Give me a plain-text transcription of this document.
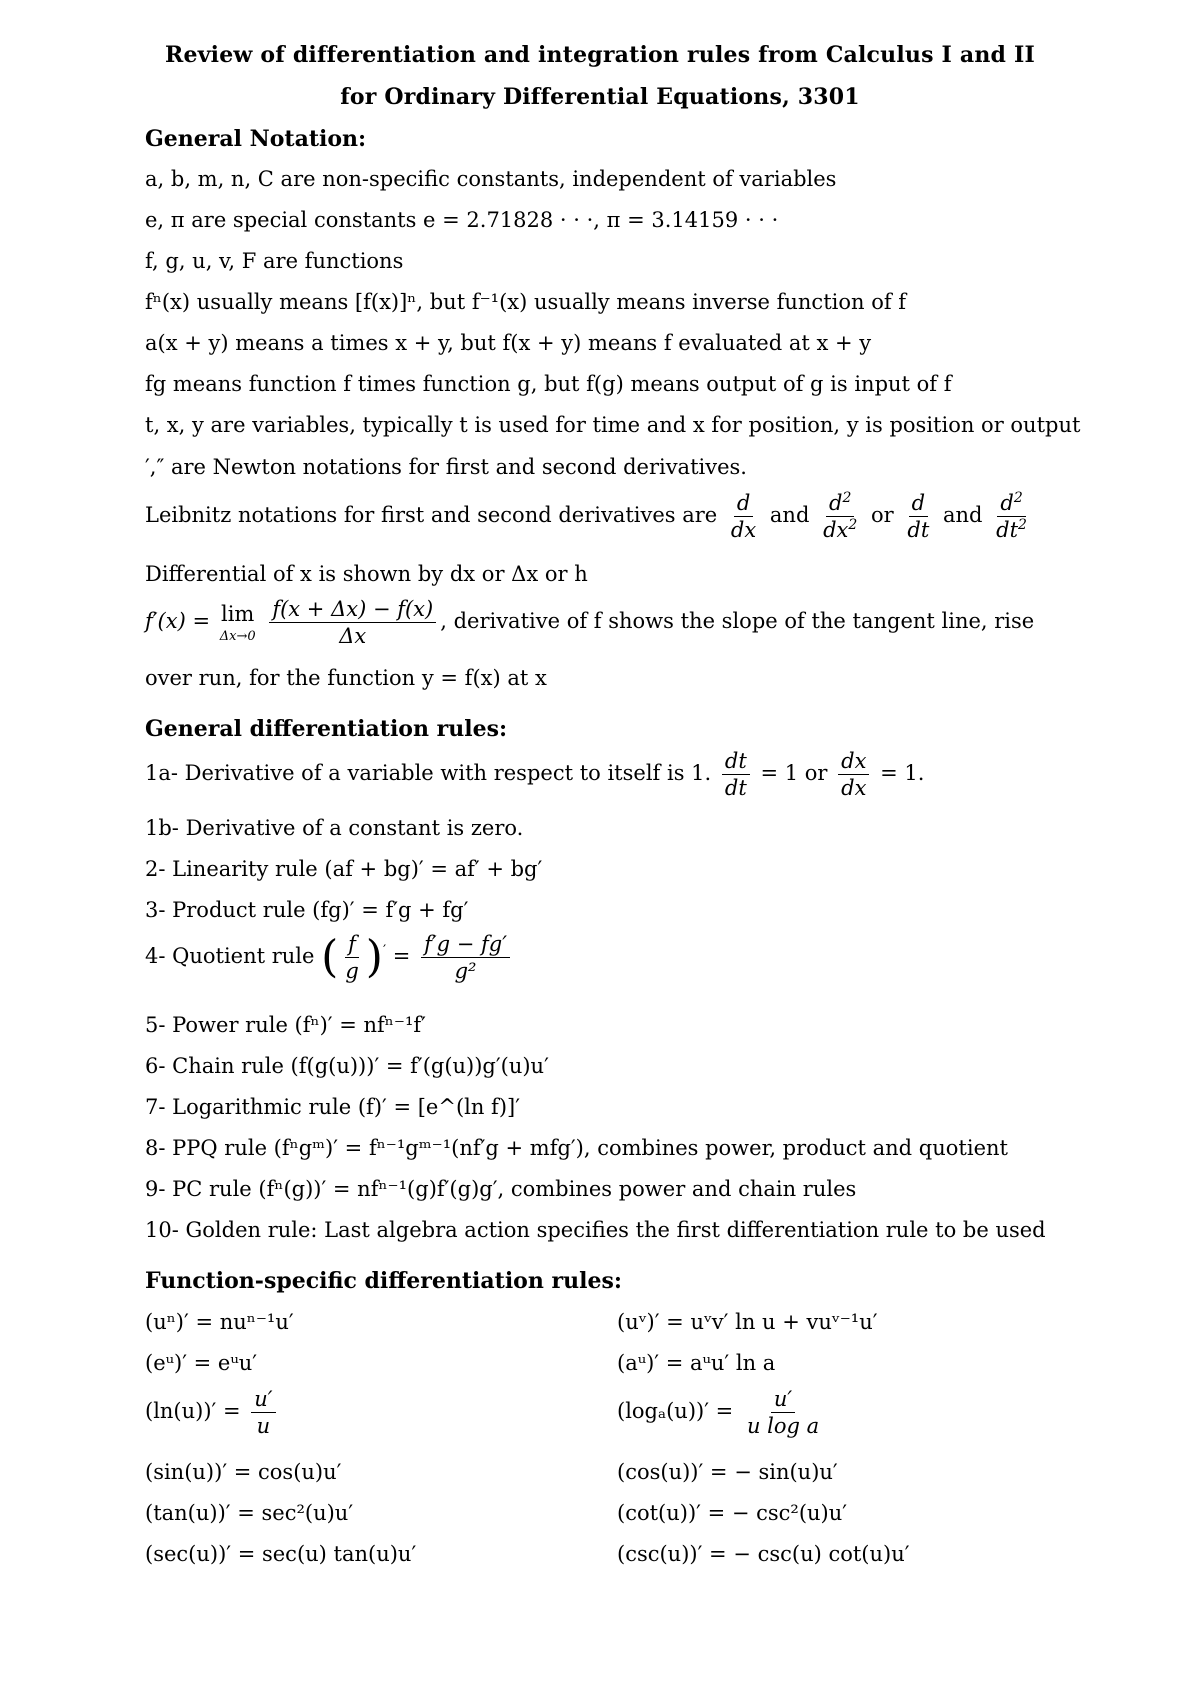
Review of differentiation and integration rules from Calculus I and II
for Ordinary Differential Equations, 3301
General Notation:
a, b, m, n, C are non-specific constants, independent of variables
e, π are special constants e = 2.71828 · · ·, π = 3.14159 · · ·
f, g, u, v, F are functions
fⁿ(x) usually means [f(x)]ⁿ, but f⁻¹(x) usually means inverse function of f
a(x + y) means a times x + y, but f(x + y) means f evaluated at x + y
fg means function f times function g, but f(g) means output of g is input of f
t, x, y are variables, typically t is used for time and x for position, y is position or output
′,″ are Newton notations for first and second derivatives.
Leibnitz notations for first and second derivatives are $\frac{d}{dx}$ and $\frac{d^2}{dx^2}$ or $\frac{d}{dt}$ and $\frac{d^2}{dt^2}$
Differential of x is shown by dx or Δx or h
f′(x) = lim
Δx→0
$\frac{f(x + \Delta x) - f(x)}{\Delta x}$ , derivative of f shows the slope of the tangent line, rise
over run, for the function y = f(x) at x
General differentiation rules:
1a- Derivative of a variable with respect to itself is 1. $\frac{dt}{dt} = 1$ or $\frac{dx}{dx} = 1$.
1b- Derivative of a constant is zero.
2- Linearity rule (af + bg)′ = af′ + bg′
3- Product rule (fg)′ = f′g + fg′
4- Quotient rule ( $\frac{f}{g} )' = \frac{f'g - fg'}{\text{g²}}$
5- Power rule (fⁿ)′ = nfⁿ⁻¹f′
6- Chain rule (f(g(u)))′ = f′(g(u))g′(u)u′
7- Logarithmic rule (f)′ = [e^(ln f)]′
8- PPQ rule (fⁿgᵐ)′ = fⁿ⁻¹gᵐ⁻¹(nf′g + mfg′), combines power, product and quotient
9- PC rule (fⁿ(g))′ = nfⁿ⁻¹(g)f′(g)g′, combines power and chain rules
10- Golden rule: Last algebra action specifies the first differentiation rule to be used
Function-specific differentiation rules:
(uⁿ)′ = nuⁿ⁻¹u′	(uᵛ)′ = uᵛv′ ln u + vuᵛ⁻¹u′
(eᵘ)′ = eᵘu′	(aᵘ)′ = aᵘu′ ln a
$(\ln(u))' = \frac{u'}{u}$	$(\log_a(u))' = \frac{u'}{\text{u log a}}$
(sin(u))′ = cos(u)u′	(cos(u))′ = − sin(u)u′
(tan(u))′ = sec²(u)u′	(cot(u))′ = − csc²(u)u′
(sec(u))′ = sec(u) tan(u)u′	(csc(u))′ = − csc(u) cot(u)u′
